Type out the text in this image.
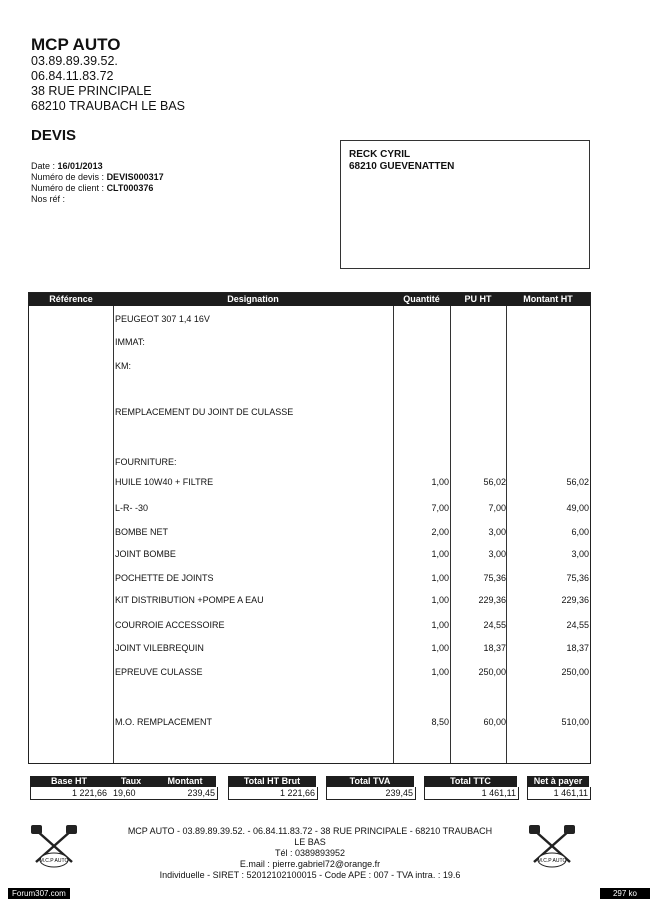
MCP AUTO
03.89.89.39.52.
06.84.11.83.72
38 RUE PRINCIPALE
68210 TRAUBACH LE BAS
DEVIS
Date : 16/01/2013
Numéro de devis : DEVIS000317
Numéro de client : CLT000376
Nos réf :
RECK CYRIL
68210 GUEVENATTEN
Référence	Designation	Quantité	PU HT	Montant HT
PEUGEOT 307 1,4 16V
IMMAT:
KM:
REMPLACEMENT DU JOINT DE CULASSE
FOURNITURE:
HUILE 10W40 + FILTRE	1,00	56,02	56,02
L-R- -30	7,00	7,00	49,00
BOMBE NET	2,00	3,00	6,00
JOINT BOMBE	1,00	3,00	3,00
POCHETTE DE JOINTS	1,00	75,36	75,36
KIT DISTRIBUTION +POMPE A EAU	1,00	229,36	229,36
COURROIE ACCESSOIRE	1,00	24,55	24,55
JOINT VILEBREQUIN	1,00	18,37	18,37
EPREUVE CULASSE	1,00	250,00	250,00
M.O. REMPLACEMENT	8,50	60,00	510,00
Base HT	Taux	Montant
1 221,66 19,60	239,45
Total HT Brut
1 221,66
Total TVA
239,45
Total TTC
1 461,11
Net à payer
1 461,11
M.C.P AUTO	M.C.P AUTO
MCP AUTO - 03.89.89.39.52. - 06.84.11.83.72 - 38 RUE PRINCIPALE - 68210 TRAUBACH
LE BAS
Tél : 0389893952
E.mail : pierre.gabriel72@orange.fr
Individuelle - SIRET : 52012102100015 - Code APE : 007 - TVA intra. : 19.6
Forum307.com	297 ko
